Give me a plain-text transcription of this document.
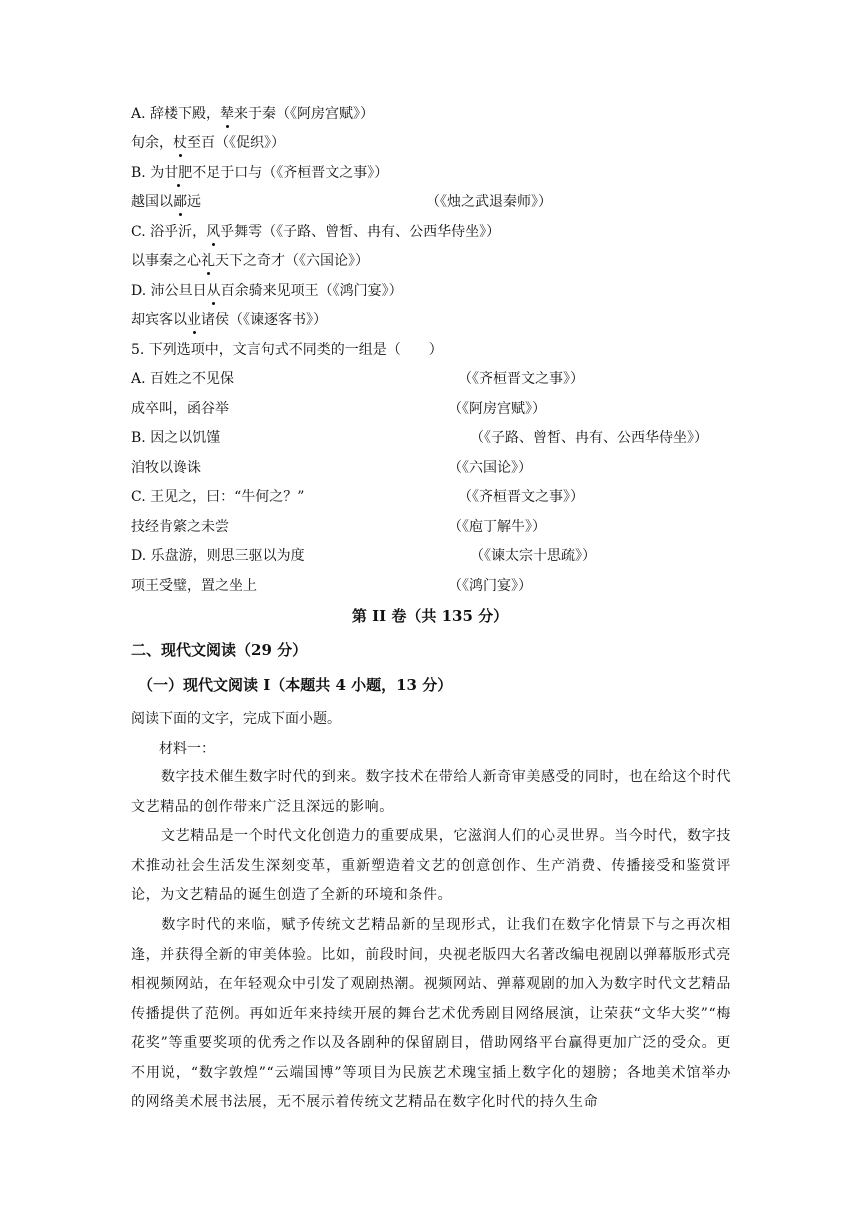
A. 辞楼下殿，辇来于秦（《阿房宫赋》）
旬余，杖至百（《促织》）
B. 为甘肥不足于口与（《齐桓晋文之事》）
越国以鄙远	（《烛之武退秦师》）
C. 浴乎沂，风乎舞雩（《子路、曾皙、冉有、公西华侍坐》）
以事秦之心礼天下之奇才（《六国论》）
D. 沛公旦日从百余骑来见项王（《鸿门宴》）
却宾客以业诸侯（《谏逐客书》）
5. 下列选项中，文言句式不同类的一组是（　　）
A. 百姓之不见保	（《齐桓晋文之事》）
成卒叫，函谷举	（《阿房宫赋》）
B. 因之以饥馑	（《子路、曾皙、冉有、公西华侍坐》）
洎牧以谗诛	（《六国论》）
C. 王见之，曰：“牛何之？”	（《齐桓晋文之事》）
技经肯綮之未尝	（《庖丁解牛》）
D. 乐盘游，则思三驱以为度	（《谏太宗十思疏》）
项王受璧，置之坐上	（《鸿门宴》）
第 II 卷（共 135 分）
二、现代文阅读（29 分）
（一）现代文阅读 I（本题共 4 小题，13 分）
阅读下面的文字，完成下面小题。
材料一：
数字技术催生数字时代的到来。数字技术在带给人新奇审美感受的同时，也在给这个时代文艺精品的创作带来广泛且深远的影响。
文艺精品是一个时代文化创造力的重要成果，它滋润人们的心灵世界。当今时代，数字技术推动社会生活发生深刻变革，重新塑造着文艺的创意创作、生产消费、传播接受和鉴赏评论，为文艺精品的诞生创造了全新的环境和条件。
数字时代的来临，赋予传统文艺精品新的呈现形式，让我们在数字化情景下与之再次相逢，并获得全新的审美体验。比如，前段时间，央视老版四大名著改编电视剧以弹幕版形式亮相视频网站，在年轻观众中引发了观剧热潮。视频网站、弹幕观剧的加入为数字时代文艺精品传播提供了范例。再如近年来持续开展的舞台艺术优秀剧目网络展演，让荣获“文华大奖”“梅花奖”等重要奖项的优秀之作以及各剧种的保留剧目，借助网络平台赢得更加广泛的受众。更不用说，“数字敦煌”“云端国博”等项目为民族艺术瑰宝插上数字化的翅膀；各地美术馆举办的网络美术展书法展，无不展示着传统文艺精品在数字化时代的持久生命
